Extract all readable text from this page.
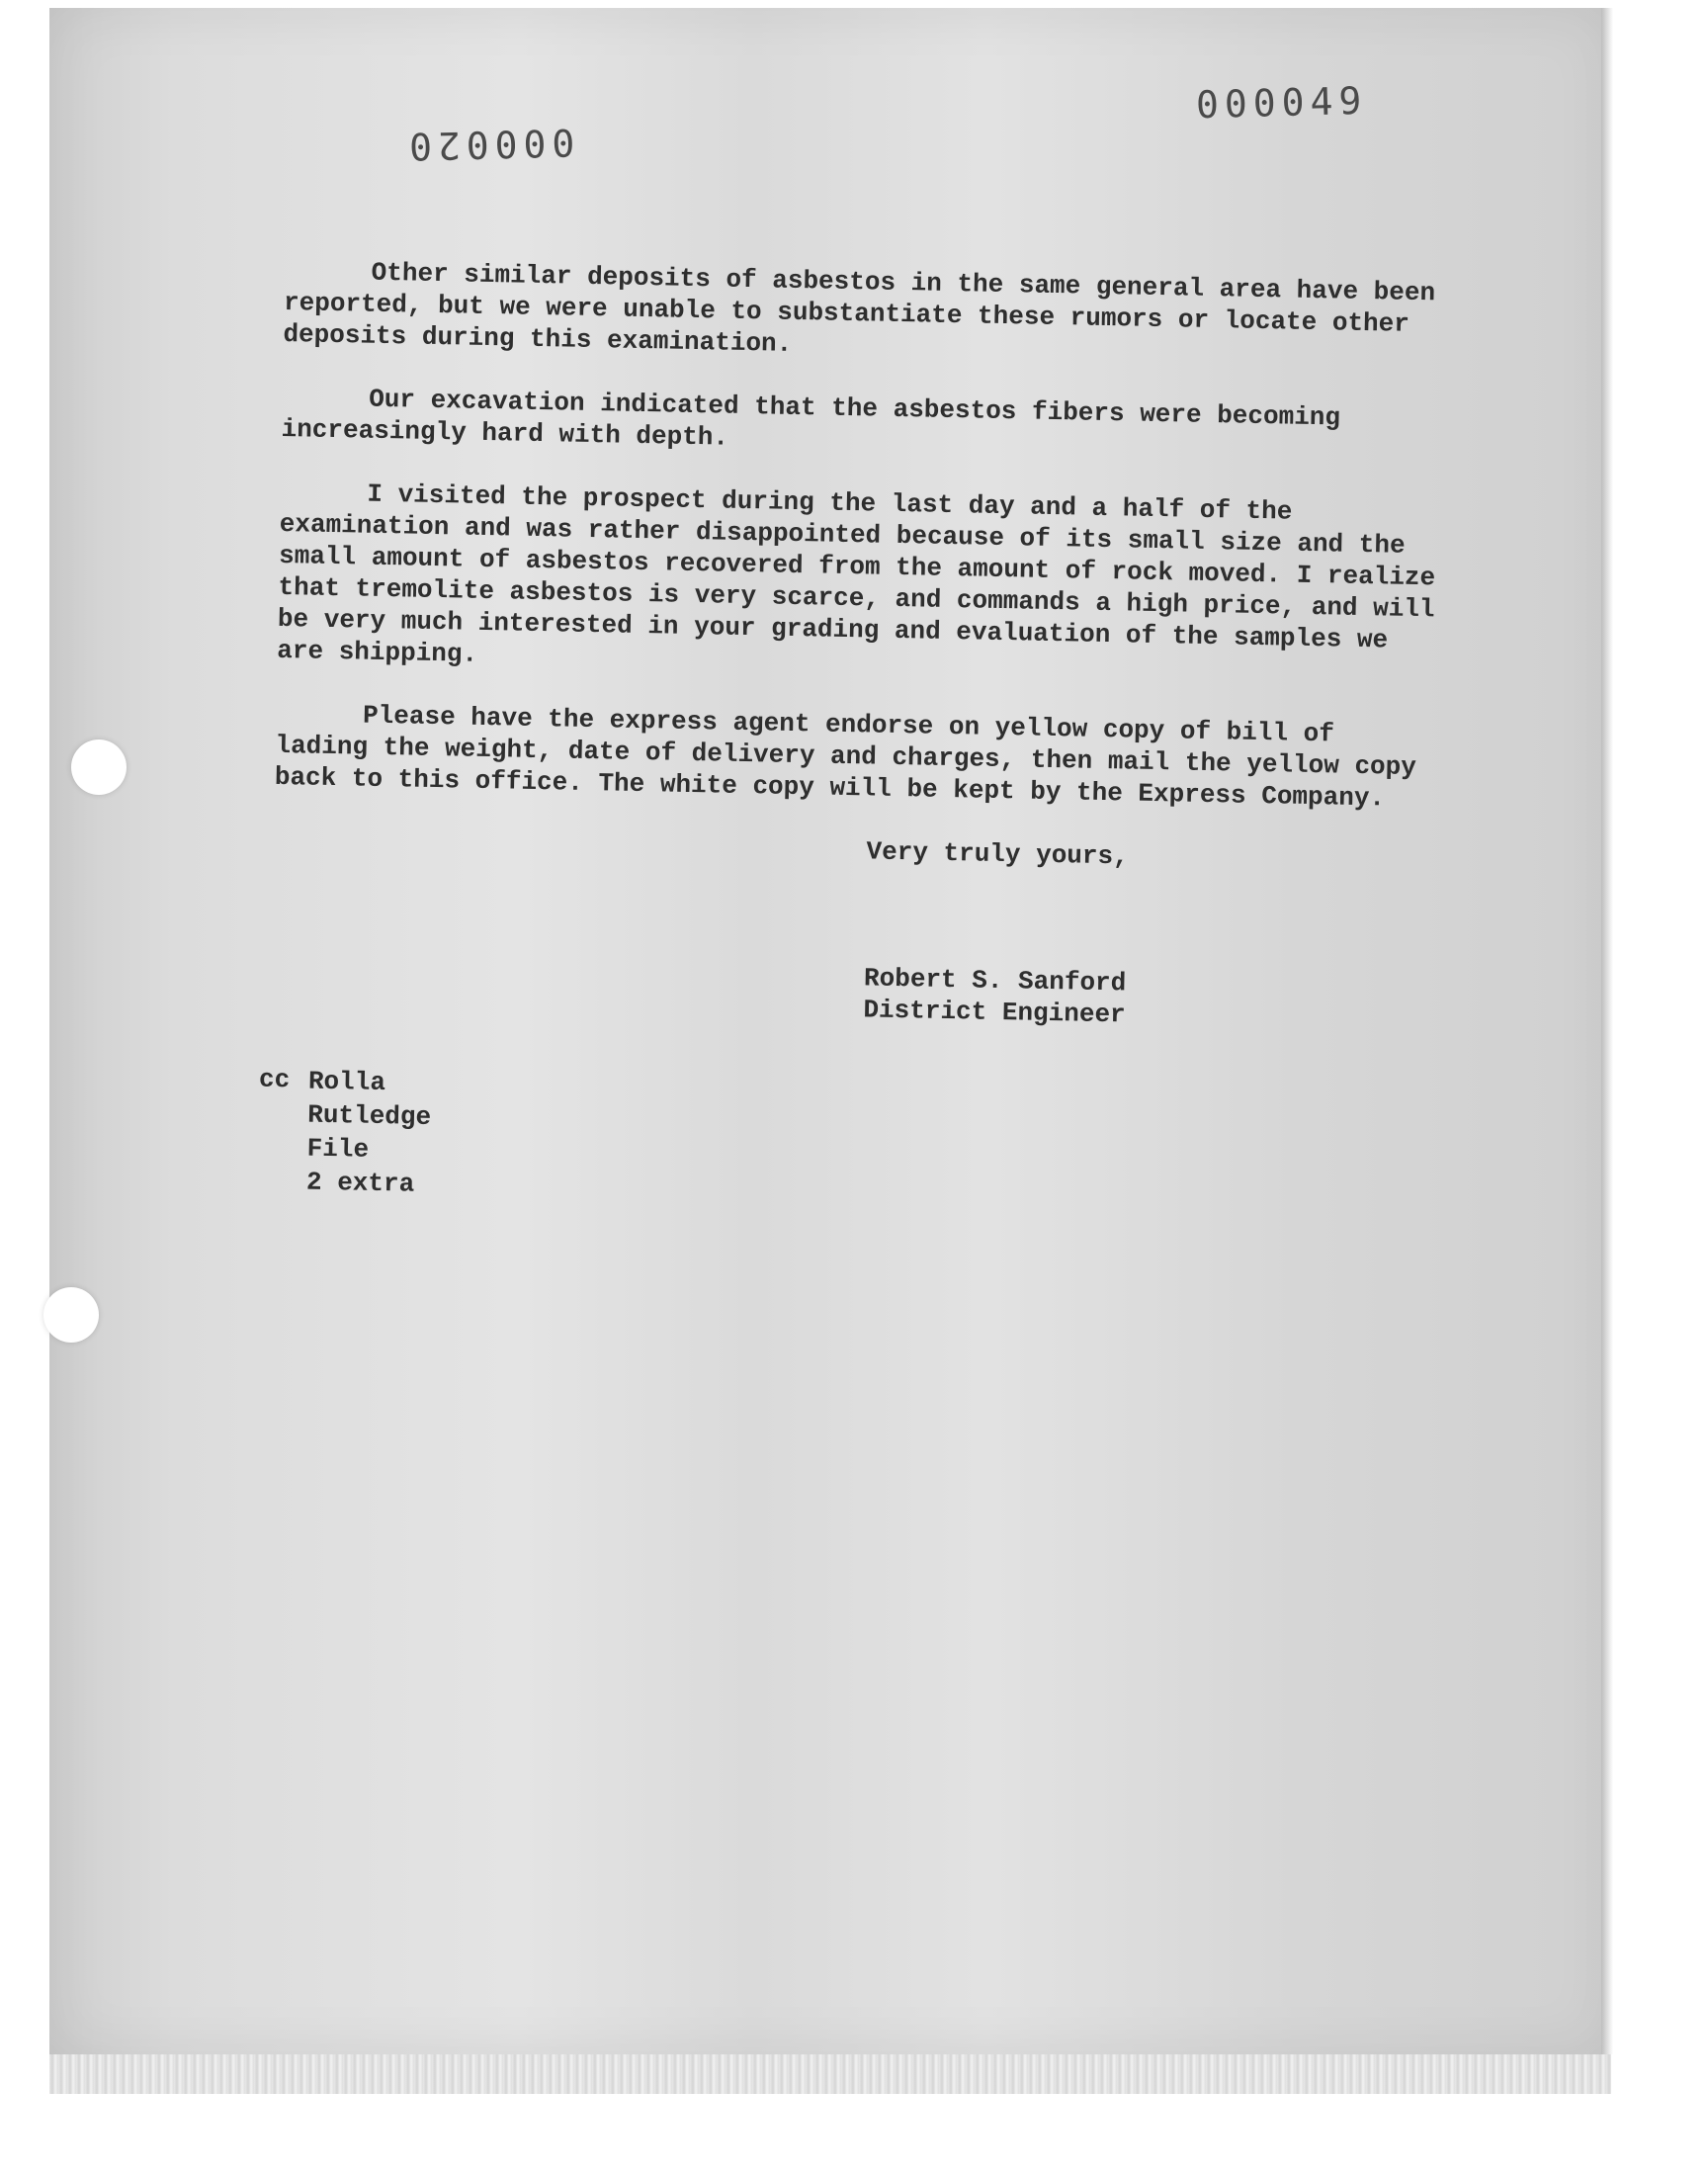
000049
000020

Other similar deposits of asbestos in the same general area have been reported, but we were unable to substantiate these rumors or locate other deposits during this examination.

Our excavation indicated that the asbestos fibers were becoming increasingly hard with depth.

I visited the prospect during the last day and a half of the examination and was rather disappointed because of its small size and the small amount of asbestos recovered from the amount of rock moved. I realize that tremolite asbestos is very scarce, and commands a high price, and will be very much interested in your grading and evaluation of the samples we are shipping.

Please have the express agent endorse on yellow copy of bill of lading the weight, date of delivery and charges, then mail the yellow copy back to this office. The white copy will be kept by the Express Company.

Very truly yours,
Robert S. Sanford
District Engineer
cc Rolla
Rutledge
File
2 extra
